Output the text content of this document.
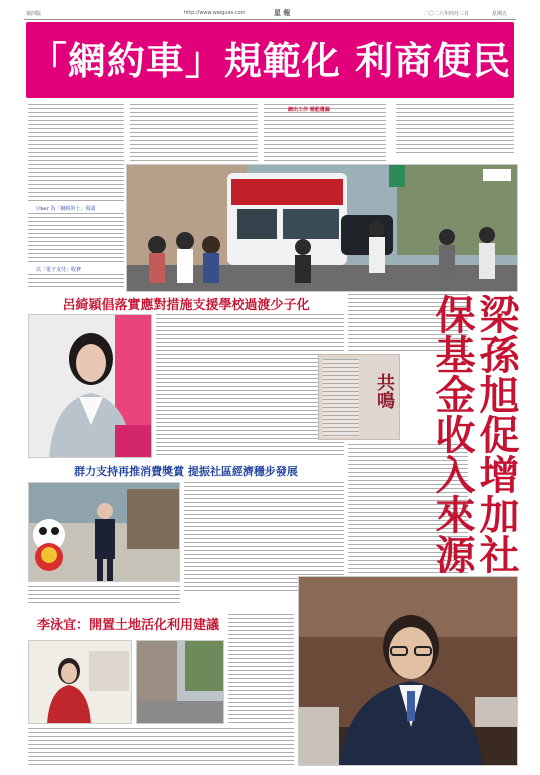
第四版	http://www.waiguas.com	星 報	二〇二六年四月三日	星期五
「網約車」規範化 利商便民
網出工作 補能遺漏
Uber 為「網約的士」領頭
以「電子支付」收費
呂綺穎倡落實應對措施支援學校過渡少子化
共鳴 梁孫旭促增加社保基金收入來源
群力支持再推消費獎賞 提振社區經濟穩步發展
李泳宜：開置土地活化利用建議
